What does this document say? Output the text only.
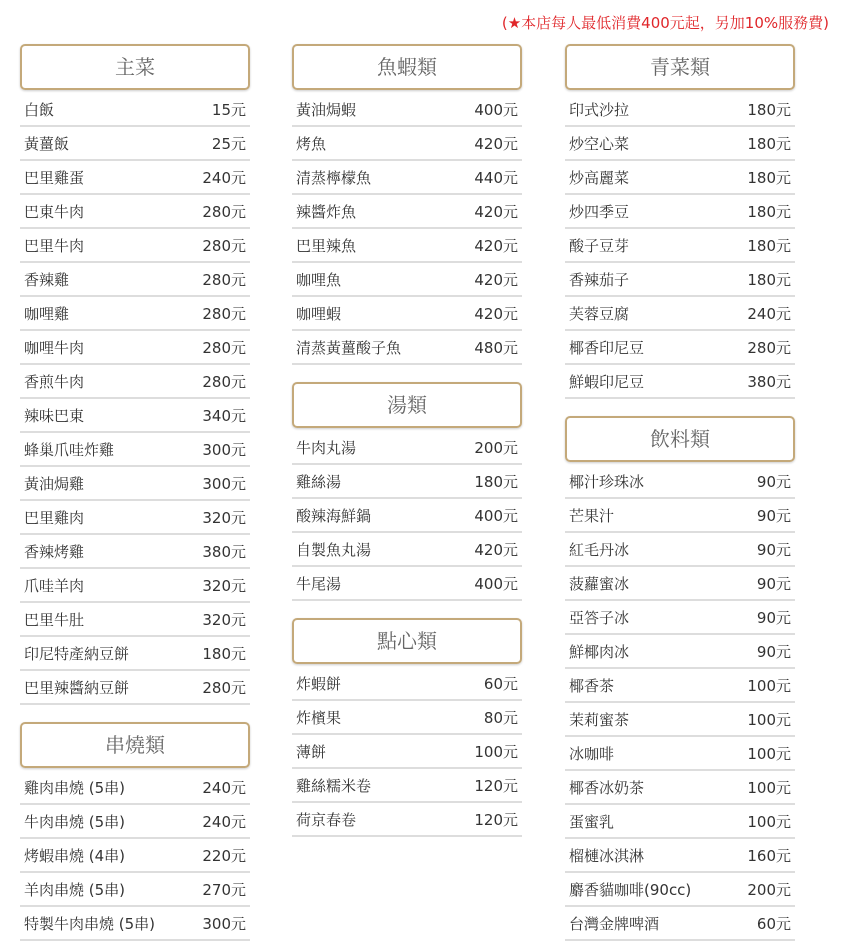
(★本店每人最低消費400元起，另加10%服務費)
主菜
白飯	15元
黃薑飯	25元
巴里雞蛋	240元
巴東牛肉	280元
巴里牛肉	280元
香辣雞	280元
咖哩雞	280元
咖哩牛肉	280元
香煎牛肉	280元
辣味巴東	340元
蜂巢爪哇炸雞	300元
黃油焗雞	300元
巴里雞肉	320元
香辣烤雞	380元
爪哇羊肉	320元
巴里牛肚	320元
印尼特產納豆餅	180元
巴里辣醬納豆餅	280元
串燒類
雞肉串燒 (5串)	240元
牛肉串燒 (5串)	240元
烤蝦串燒 (4串)	220元
羊肉串燒 (5串)	270元
特製牛肉串燒 (5串)	300元
魚蝦類
黃油焗蝦	400元
烤魚	420元
清蒸檸檬魚	440元
辣醬炸魚	420元
巴里辣魚	420元
咖哩魚	420元
咖哩蝦	420元
清蒸黃薑酸子魚	480元
湯類
牛肉丸湯	200元
雞絲湯	180元
酸辣海鮮鍋	400元
自製魚丸湯	420元
牛尾湯	400元
點心類
炸蝦餅	60元
炸檳果	80元
薄餅	100元
雞絲糯米卷	120元
荷京春卷	120元
青菜類
印式沙拉	180元
炒空心菜	180元
炒高麗菜	180元
炒四季豆	180元
酸子豆芽	180元
香辣茄子	180元
芙蓉豆腐	240元
椰香印尼豆	280元
鮮蝦印尼豆	380元
飲料類
椰汁珍珠冰	90元
芒果汁	90元
紅毛丹冰	90元
菠蘿蜜冰	90元
亞答子冰	90元
鮮椰肉冰	90元
椰香茶	100元
茉莉蜜茶	100元
冰咖啡	100元
椰香冰奶茶	100元
蛋蜜乳	100元
榴槤冰淇淋	160元
麝香貓咖啡(90cc)	200元
台灣金牌啤酒	60元
